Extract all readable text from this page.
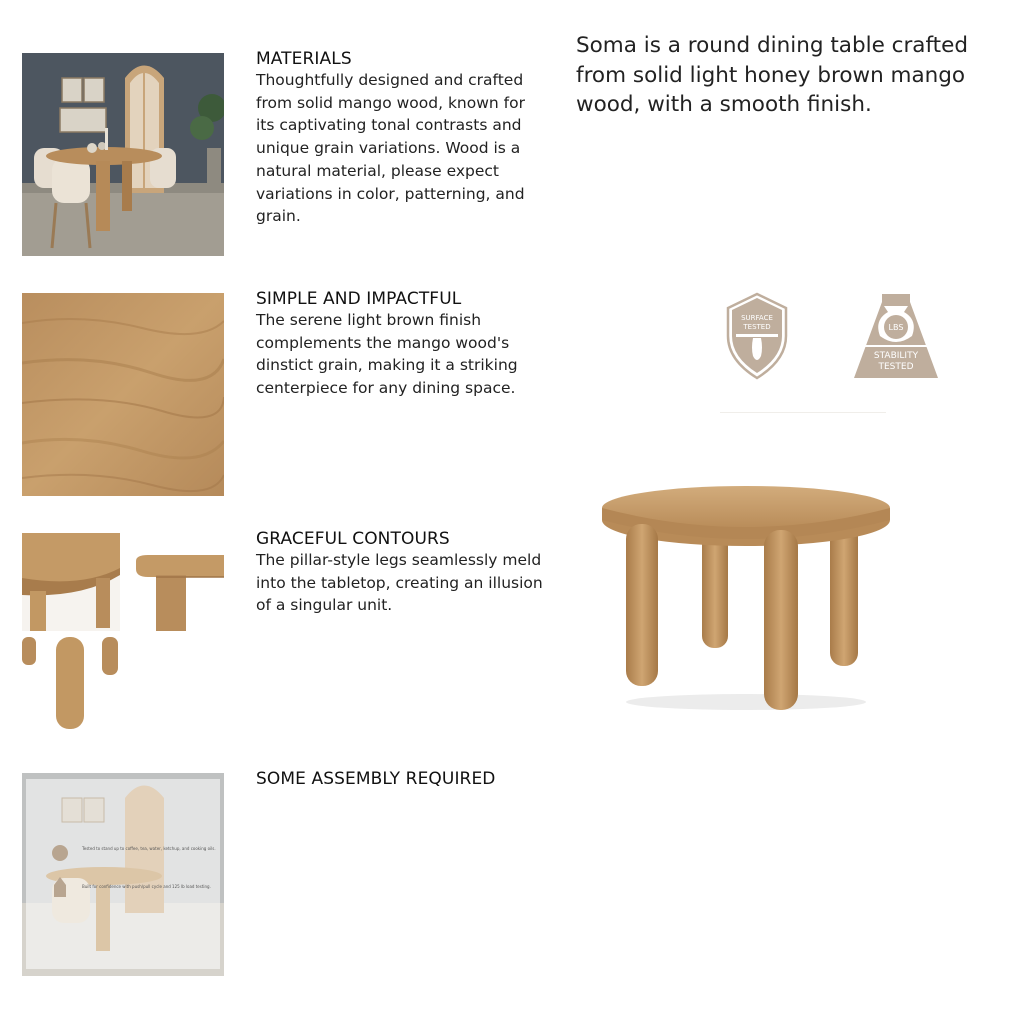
MATERIALS

Thoughtfully designed and crafted from solid mango wood, known for its captivating tonal contrasts and unique grain variations. Wood is a natural material, please expect variations in color, patterning, and grain.

SIMPLE AND IMPACTFUL

The serene light brown finish complements the mango wood's dinstict grain, making it a striking centerpiece for any dining space.

GRACEFUL CONTOURS

The pillar-style legs seamlessly meld into the tabletop, creating an illusion of a singular unit.

Tested to stand up to coffee, tea, water, ketchup, and cooking oils.
Built for confidence with push/pull cycle and 125 lb load testing.
SOME ASSEMBLY REQUIRED

Soma is a round dining table crafted from solid light honey brown mango wood, with a smooth finish.
SURFACE
TESTED	LBS
STABILITY
TESTED
